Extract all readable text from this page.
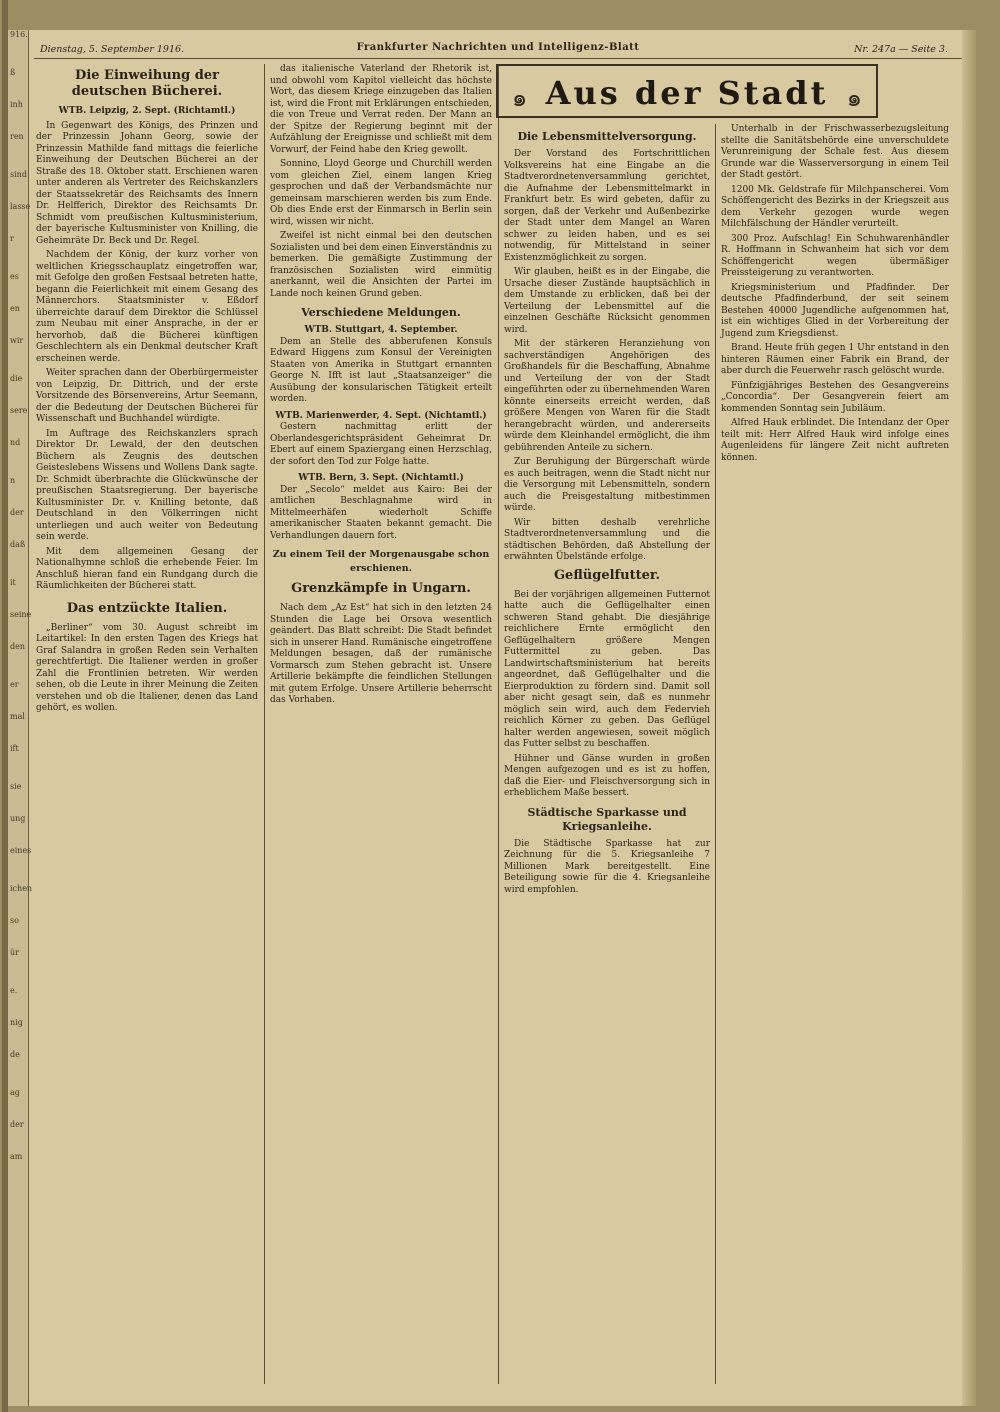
916.
ß
inh
ren
sind
lasse
r
es
en
wir
die
sere
nd
n
der
daß
it
seine
den
er
mal
ift
sie
ung
eines
ichen
so
ür
e.
nig
de
ag
der
am
Dienstag, 5. September 1916.	Frankfurter Nachrichten und Intelligenz-Blatt	Nr. 247a — Seite 3.
Die Einweihung der deutschen Bücherei.
WTB. Leipzig, 2. Sept. (Richtamtl.)

In Gegenwart des Königs, des Prinzen und der Prinzessin Johann Georg, sowie der Prinzessin Mathilde fand mittags die feierliche Einweihung der Deutschen Bücherei an der Straße des 18. Oktober statt. Erschienen waren unter anderen als Vertreter des Reichskanzlers der Staatssekretär des Reichsamts des Innern Dr. Helfferich, Direktor des Reichsamts Dr. Schmidt vom preußischen Kultusministerium, der bayerische Kultusminister von Knilling, die Geheimräte Dr. Beck und Dr. Regel.

Nachdem der König, der kurz vorher von weltlichen Kriegsschauplatz eingetroffen war, mit Gefolge den großen Festsaal betreten hatte, begann die Feierlichkeit mit einem Gesang des Männerchors. Staatsminister v. Eßdorf überreichte darauf dem Direktor die Schlüssel zum Neubau mit einer Ansprache, in der er hervorhob, daß die Bücherei künftigen Geschlechtern als ein Denkmal deutscher Kraft erscheinen werde.

Weiter sprachen dann der Oberbürgermeister von Leipzig, Dr. Dittrich, und der erste Vorsitzende des Börsenvereins, Artur Seemann, der die Bedeutung der Deutschen Bücherei für Wissenschaft und Buchhandel würdigte.

Im Auftrage des Reichskanzlers sprach Direktor Dr. Lewald, der den deutschen Büchern als Zeugnis des deutschen Geisteslebens Wissens und Wollens Dank sagte. Dr. Schmidt überbrachte die Glückwünsche der preußischen Staatsregierung. Der bayerische Kultusminister Dr. v. Knilling betonte, daß Deutschland in den Völkerringen nicht unterliegen und auch weiter von Bedeutung sein werde.

Mit dem allgemeinen Gesang der Nationalhymne schloß die erhebende Feier. Im Anschluß hieran fand ein Rundgang durch die Räumlichkeiten der Bücherei statt.

Das entzückte Italien.

„Berliner“ vom 30. August schreibt im Leitartikel: In den ersten Tagen des Kriegs hat Graf Salandra in großen Reden sein Verhalten gerechtfertigt. Die Italiener werden in großer Zahl die Frontlinien betreten. Wir werden sehen, ob die Leute in ihrer Meinung die Zeiten verstehen und ob die Italiener, denen das Land gehört, es wollen.

das italienische Vaterland der Rhetorik ist, und obwohl vom Kapitol vielleicht das höchste Wort, das diesem Kriege einzugeben das Italien ist, wird die Front mit Erklärungen entschieden, die von Treue und Verrat reden. Der Mann an der Spitze der Regierung beginnt mit der Aufzählung der Ereignisse und schließt mit dem Vorwurf, der Feind habe den Krieg gewollt.

Sonnino, Lloyd George und Churchill werden vom gleichen Ziel, einem langen Krieg gesprochen und daß der Verbandsmächte nur gemeinsam marschieren werden bis zum Ende. Ob dies Ende erst der Einmarsch in Berlin sein wird, wissen wir nicht.

Zweifel ist nicht einmal bei den deutschen Sozialisten und bei dem einen Einverständnis zu bemerken. Die gemäßigte Zustimmung der französischen Sozialisten wird einmütig anerkannt, weil die Ansichten der Partei im Lande noch keinen Grund geben.

Verschiedene Meldungen.
WTB. Stuttgart, 4. September.

Dem an Stelle des abberufenen Konsuls Edward Higgens zum Konsul der Vereinigten Staaten von Amerika in Stuttgart ernannten George N. Ifft ist laut „Staatsanzeiger“ die Ausübung der konsularischen Tätigkeit erteilt worden.

WTB. Marienwerder, 4. Sept. (Nichtamtl.)

Gestern nachmittag erlitt der Oberlandesgerichtspräsident Geheimrat Dr. Ebert auf einem Spaziergang einen Herzschlag, der sofort den Tod zur Folge hatte.

WTB. Bern, 3. Sept. (Nichtamtl.)

Der „Secolo“ meldet aus Kairo: Bei der amtlichen Beschlagnahme wird in Mittelmeerhäfen wiederholt Schiffe amerikanischer Staaten bekannt gemacht. Die Verhandlungen dauern fort.

Zu einem Teil der Morgenausgabe schon erschienen.
Grenzkämpfe in Ungarn.

Nach dem „Az Est“ hat sich in den letzten 24 Stunden die Lage bei Orsova wesentlich geändert. Das Blatt schreibt: Die Stadt befindet sich in unserer Hand. Rumänische eingetroffene Meldungen besagen, daß der rumänische Vormarsch zum Stehen gebracht ist. Unsere Artillerie bekämpfte die feindlichen Stellungen mit gutem Erfolge. Unsere Artillerie beherrscht das Vorhaben.

๑ Aus der Stadt ๑
Die Lebensmittelversorgung.

Der Vorstand des Fortschrittlichen Volksvereins hat eine Eingabe an die Stadtverordnetenversammlung gerichtet, die Aufnahme der Lebensmittelmarkt in Frankfurt betr. Es wird gebeten, dafür zu sorgen, daß der Verkehr und Außenbezirke der Stadt unter dem Mangel an Waren schwer zu leiden haben, und es sei notwendig, für Mittelstand in seiner Existenzmöglichkeit zu sorgen.

Wir glauben, heißt es in der Eingabe, die Ursache dieser Zustände hauptsächlich in dem Umstande zu erblicken, daß bei der Verteilung der Lebensmittel auf die einzelnen Geschäfte Rücksicht genommen wird.

Mit der stärkeren Heranziehung von sachverständigen Angehörigen des Großhandels für die Beschaffung, Abnahme und Verteilung der von der Stadt eingeführten oder zu übernehmenden Waren könnte einerseits erreicht werden, daß größere Mengen von Waren für die Stadt herangebracht würden, und andererseits würde dem Kleinhandel ermöglicht, die ihm gebührenden Anteile zu sichern.

Zur Beruhigung der Bürgerschaft würde es auch beitragen, wenn die Stadt nicht nur die Versorgung mit Lebensmitteln, sondern auch die Preisgestaltung mitbestimmen würde.

Wir bitten deshalb verehrliche Stadtverordnetenversammlung und die städtischen Behörden, daß Abstellung der erwähnten Übelstände erfolge.

Geflügelfutter.

Bei der vorjährigen allgemeinen Futternot hatte auch die Geflügelhalter einen schweren Stand gehabt. Die diesjährige reichlichere Ernte ermöglicht den Geflügelhaltern größere Mengen Futtermittel zu geben. Das Landwirtschaftsministerium hat bereits angeordnet, daß Geflügelhalter und die Eierproduktion zu fördern sind. Damit soll aber nicht gesagt sein, daß es nunmehr möglich sein wird, auch dem Federvieh reichlich Körner zu geben. Das Geflügel halter werden angewiesen, soweit möglich das Futter selbst zu beschaffen.

Hühner und Gänse wurden in großen Mengen aufgezogen und es ist zu hoffen, daß die Eier- und Fleischversorgung sich in erheblichem Maße bessert.

Städtische Sparkasse und Kriegsanleihe.

Die Städtische Sparkasse hat zur Zeichnung für die 5. Kriegsanleihe 7 Millionen Mark bereitgestellt. Eine Beteiligung sowie für die 4. Kriegsanleihe wird empfohlen.

Unterhalb in der Frischwasserbezugsleitung stellte die Sanitätsbehörde eine unverschuldete Verunreinigung der Schale fest. Aus diesem Grunde war die Wasserversorgung in einem Teil der Stadt gestört.

1200 Mk. Geldstrafe für Milchpanscherei. Vom Schöffengericht des Bezirks in der Kriegszeit aus dem Verkehr gezogen wurde wegen Milchfälschung der Händler verurteilt.

300 Proz. Aufschlag! Ein Schuhwarenhändler R. Hoffmann in Schwanheim hat sich vor dem Schöffengericht wegen übermäßiger Preissteigerung zu verantworten.

Kriegsministerium und Pfadfinder. Der deutsche Pfadfinderbund, der seit seinem Bestehen 40000 Jugendliche aufgenommen hat, ist ein wichtiges Glied in der Vorbereitung der Jugend zum Kriegsdienst.

Brand. Heute früh gegen 1 Uhr entstand in den hinteren Räumen einer Fabrik ein Brand, der aber durch die Feuerwehr rasch gelöscht wurde.

Fünfzigjähriges Bestehen des Gesangvereins „Concordia“. Der Gesangverein feiert am kommenden Sonntag sein Jubiläum.

Alfred Hauk erblindet. Die Intendanz der Oper teilt mit: Herr Alfred Hauk wird infolge eines Augenleidens für längere Zeit nicht auftreten können.
